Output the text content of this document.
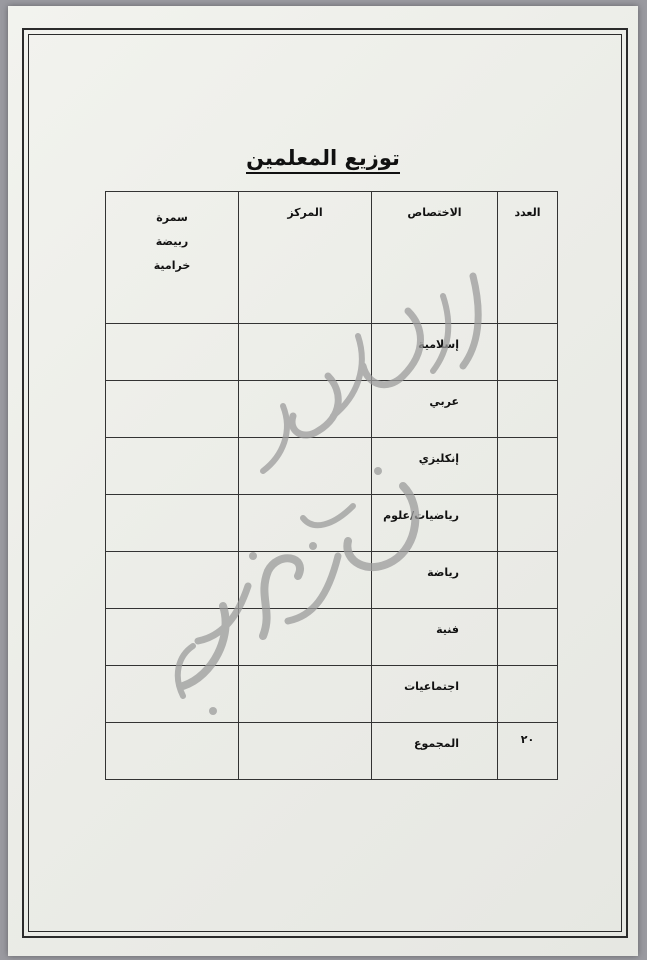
توزيع المعلمين
العدد	الاختصاص	المركز	سمرة
ربيضة
خرامية

	إسلامية		
	عربي		
	إنكليزي		
	رياضيات/علوم		
	رياضة		
	فنية		
	اجتماعيات		
٢٠	المجموع		
